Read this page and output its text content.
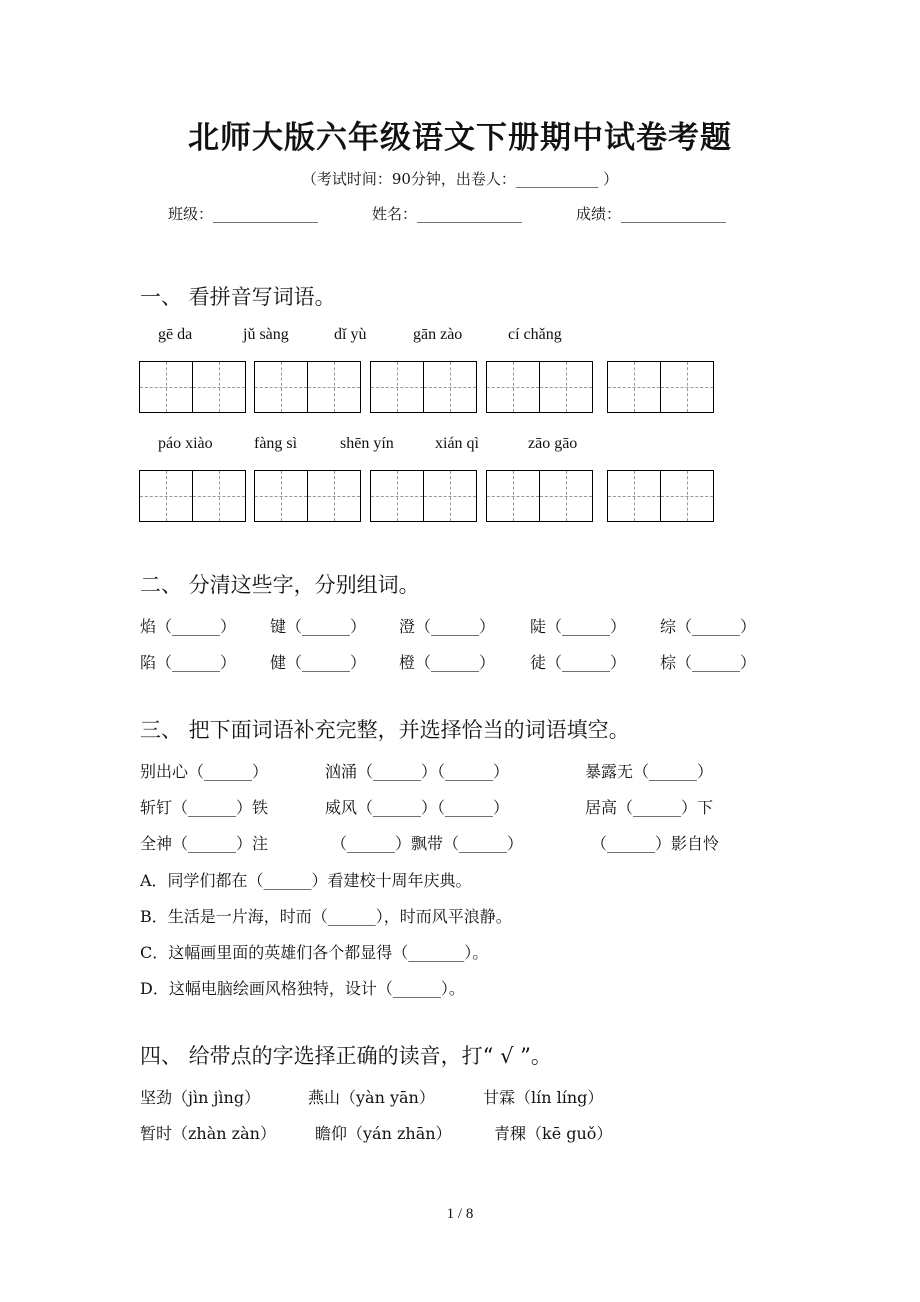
北师大版六年级语文下册期中试卷考题
（考试时间：90分钟，出卷人：___________ ）
班级：______________	姓名：______________	成绩：______________
一、 看拼音写词语。
gē da	jǔ sàng	dǐ yù	gān zào	cí chǎng
páo xiào	fàng sì	shēn yín	xián qì	zāo gāo
二、 分清这些字，分别组词。
焰（______） 键（______） 澄（______） 陡（______） 综（______）
陷（______） 健（______） 橙（______） 徒（______） 棕（______）
三、 把下面词语补充完整，并选择恰当的词语填空。
别出心（______）	汹涌（______）（______）	暴露无（______）
斩钉（______）铁	威风（______）（______）	居高（______）下
全神（______）注	（______）飘带（______）	（______）影自怜
A．同学们都在（______）看建校十周年庆典。
B．生活是一片海，时而（______），时而风平浪静。
C．这幅画里面的英雄们各个都显得（_______）。
D．这幅电脑绘画风格独特，设计（______）。
四、 给带点的字选择正确的读音，打“ √ ”。
坚劲（jìn jìng）	燕山（yàn yān）	甘霖（lín líng）
暂时（zhàn zàn） 瞻仰（yán zhān）	青稞（kē guǒ）
1 / 8
